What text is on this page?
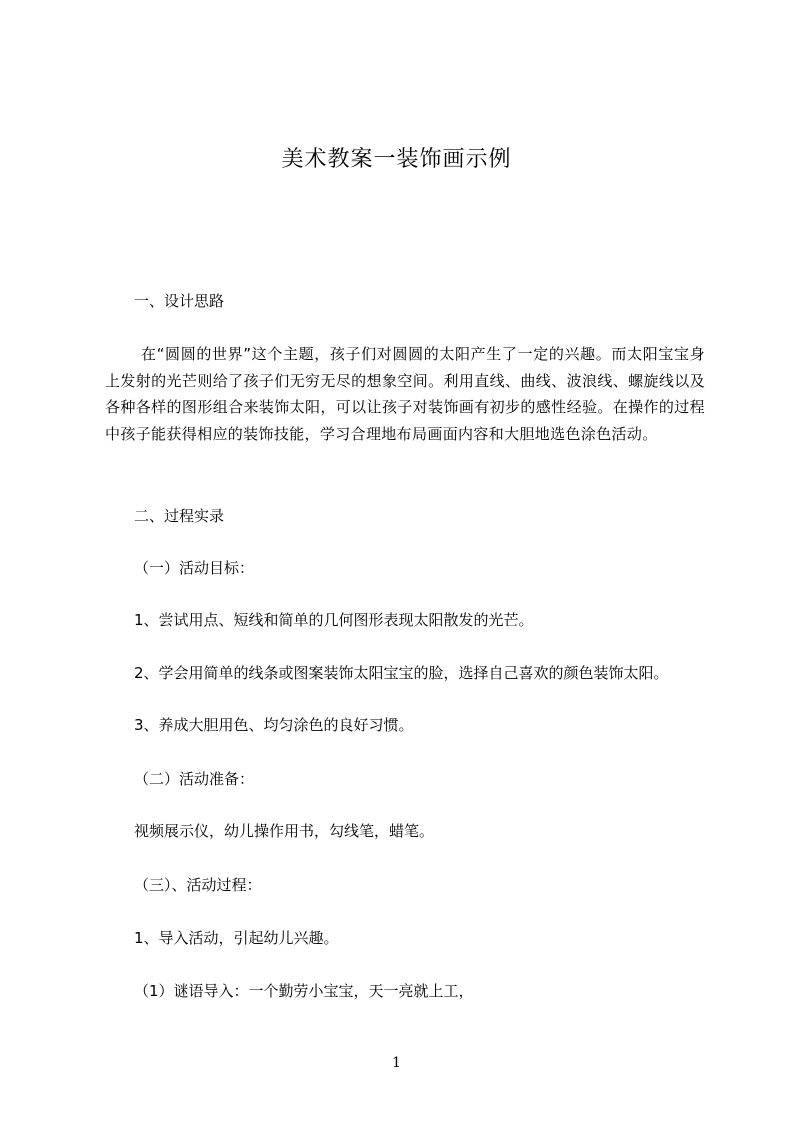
美术教案一装饰画示例
一、设计思路
在“圆圆的世界”这个主题，孩子们对圆圆的太阳产生了一定的兴趣。而太阳宝宝身上发射的光芒则给了孩子们无穷无尽的想象空间。利用直线、曲线、波浪线、螺旋线以及各种各样的图形组合来装饰太阳，可以让孩子对装饰画有初步的感性经验。在操作的过程中孩子能获得相应的装饰技能，学习合理地布局画面内容和大胆地选色涂色活动。
二、过程实录
（一）活动目标：
1、尝试用点、短线和简单的几何图形表现太阳散发的光芒。
2、学会用简单的线条或图案装饰太阳宝宝的脸，选择自己喜欢的颜色装饰太阳。
3、养成大胆用色、均匀涂色的良好习惯。
（二）活动准备：
视频展示仪，幼儿操作用书，勾线笔，蜡笔。
（三）、活动过程：
1、导入活动，引起幼儿兴趣。
（1）谜语导入：一个勤劳小宝宝，天一亮就上工，
1
